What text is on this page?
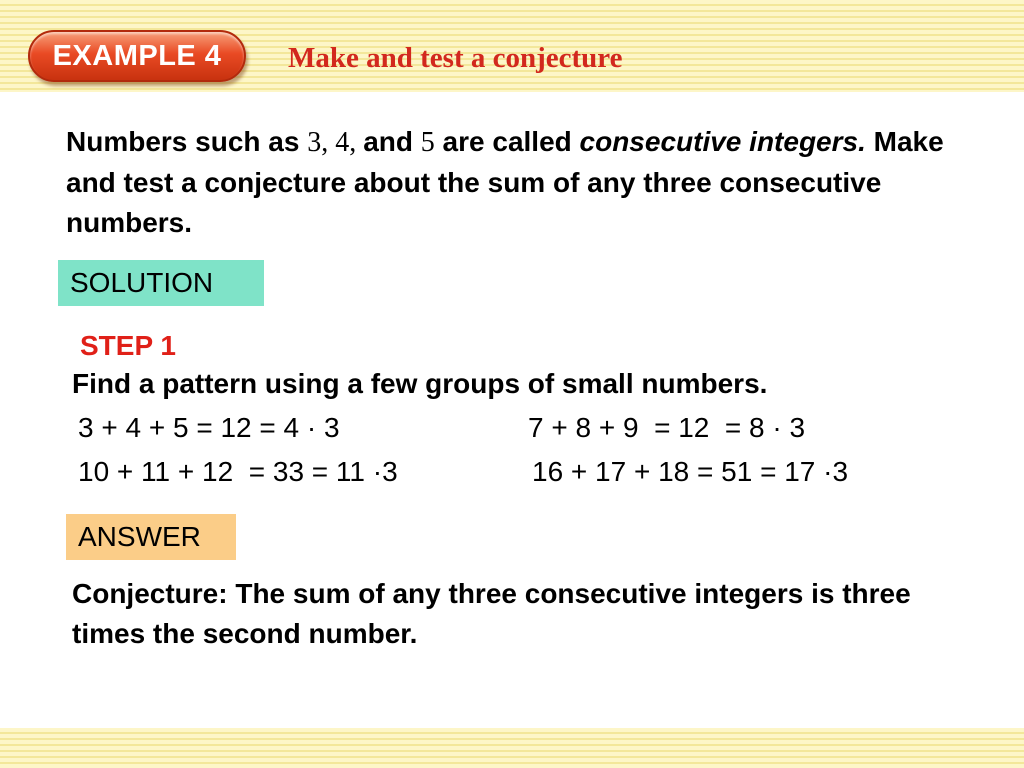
EXAMPLE 4	Make and test a conjecture
Numbers such as 3, 4, and 5 are called consecutive integers. Make and test a conjecture about the sum of any three consecutive numbers.
SOLUTION
STEP 1
Find a pattern using a few groups of small numbers.
3 + 4 + 5 = 12 = 4 · 3	7 + 8 + 9  = 12  = 8 · 3
10 + 11 + 12  = 33 = 11 ·3	16 + 17 + 18 = 51 = 17 ·3
ANSWER
Conjecture: The sum of any three consecutive integers is three times the second number.
